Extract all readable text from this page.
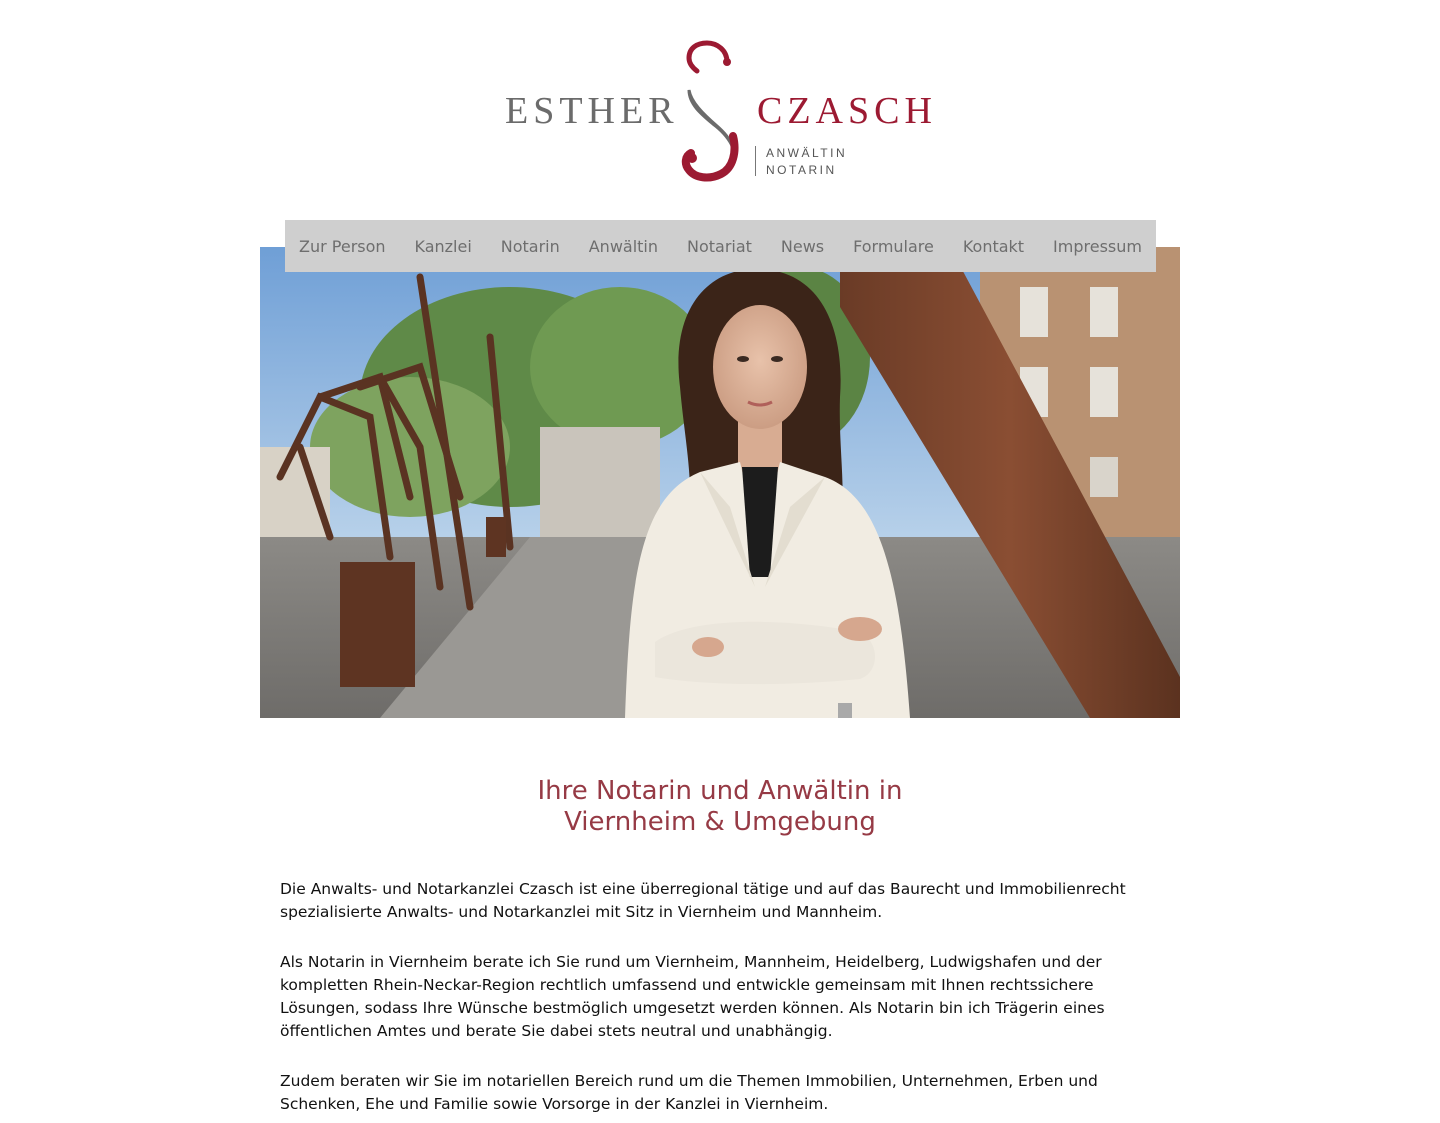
ESTHER CZASCH
ANWÄLTIN
NOTARIN
Zur Person Kanzlei Notarin Anwältin Notariat News Formulare Kontakt Impressum
Ihre Notarin und Anwältin in
Viernheim & Umgebung

Die Anwalts- und Notarkanzlei Czasch ist eine überregional tätige und auf das Baurecht und Immobilienrecht spezialisierte Anwalts- und Notarkanzlei mit Sitz in Viernheim und Mannheim.

Als Notarin in Viernheim berate ich Sie rund um Viernheim, Mannheim, Heidelberg, Ludwigshafen und der kompletten Rhein-Neckar-Region rechtlich umfassend und entwickle gemeinsam mit Ihnen rechtssichere Lösungen, sodass Ihre Wünsche bestmöglich umgesetzt werden können. Als Notarin bin ich Trägerin eines öffentlichen Amtes und berate Sie dabei stets neutral und unabhängig.

Zudem beraten wir Sie im notariellen Bereich rund um die Themen Immobilien, Unternehmen, Erben und Schenken, Ehe und Familie sowie Vorsorge in der Kanzlei in Viernheim.
